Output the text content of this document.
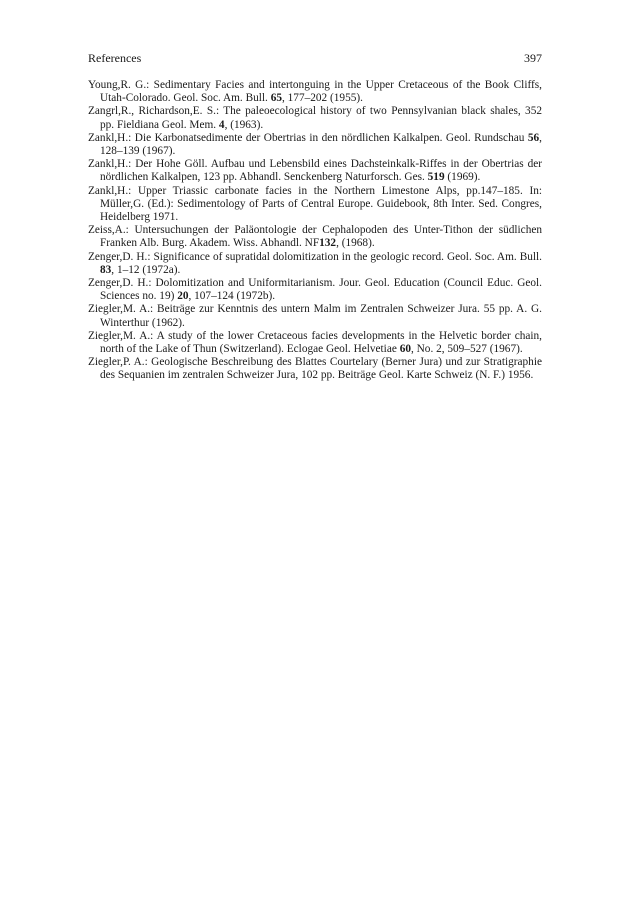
References	397
Young,R. G.: Sedimentary Facies and intertonguing in the Upper Cretaceous of the Book Cliffs, Utah-Colorado. Geol. Soc. Am. Bull. 65, 177–202 (1955).
Zangrl,R., Richardson,E. S.: The paleoecological history of two Pennsylvanian black shales, 352 pp. Fieldiana Geol. Mem. 4, (1963).
Zankl,H.: Die Karbonatsedimente der Obertrias in den nördlichen Kalkalpen. Geol. Rundschau 56, 128–139 (1967).
Zankl,H.: Der Hohe Göll. Aufbau und Lebensbild eines Dachsteinkalk-Riffes in der Obertrias der nördlichen Kalkalpen, 123 pp. Abhandl. Senckenberg Naturforsch. Ges. 519 (1969).
Zankl,H.: Upper Triassic carbonate facies in the Northern Limestone Alps, pp.147–185. In: Müller,G. (Ed.): Sedimentology of Parts of Central Europe. Guidebook, 8th Inter. Sed. Congres, Heidelberg 1971.
Zeiss,A.: Untersuchungen der Paläontologie der Cephalopoden des Unter-Tithon der südlichen Franken Alb. Burg. Akadem. Wiss. Abhandl. NF132, (1968).
Zenger,D. H.: Significance of supratidal dolomitization in the geologic record. Geol. Soc. Am. Bull. 83, 1–12 (1972a).
Zenger,D. H.: Dolomitization and Uniformitarianism. Jour. Geol. Education (Council Educ. Geol. Sciences no. 19) 20, 107–124 (1972b).
Ziegler,M. A.: Beiträge zur Kenntnis des untern Malm im Zentralen Schweizer Jura. 55 pp. A. G. Winterthur (1962).
Ziegler,M. A.: A study of the lower Cretaceous facies developments in the Helvetic border chain, north of the Lake of Thun (Switzerland). Eclogae Geol. Helvetiae 60, No. 2, 509–527 (1967).
Ziegler,P. A.: Geologische Beschreibung des Blattes Courtelary (Berner Jura) und zur Stratigraphie des Sequanien im zentralen Schweizer Jura, 102 pp. Beiträge Geol. Karte Schweiz (N. F.) 1956.
